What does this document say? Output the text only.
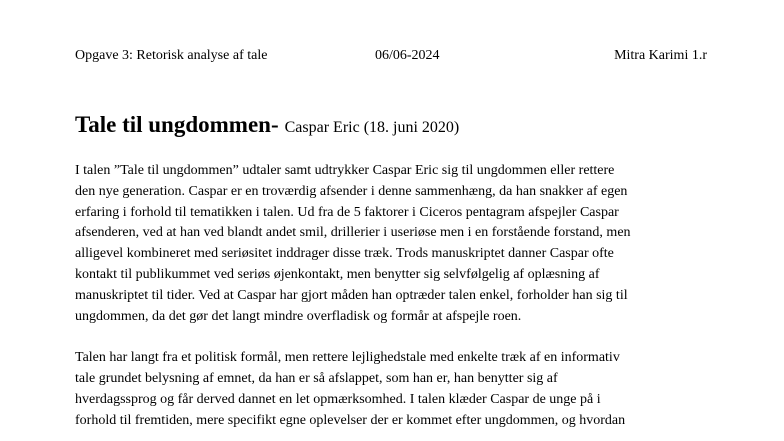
Opgave 3: Retorisk analyse af tale	06/06-2024	Mitra Karimi 1.r
Tale til ungdommen- Caspar Eric (18. juni 2020)
I talen ”Tale til ungdommen” udtaler samt udtrykker Caspar Eric sig til ungdommen eller rettere
den nye generation. Caspar er en troværdig afsender i denne sammenhæng, da han snakker af egen
erfaring i forhold til tematikken i talen. Ud fra de 5 faktorer i Ciceros pentagram afspejler Caspar
afsenderen, ved at han ved blandt andet smil, drillerier i useriøse men i en forstående forstand, men
alligevel kombineret med seriøsitet inddrager disse træk. Trods manuskriptet danner Caspar ofte
kontakt til publikummet ved seriøs øjenkontakt, men benytter sig selvfølgelig af oplæsning af
manuskriptet til tider. Ved at Caspar har gjort måden han optræder talen enkel, forholder han sig til
ungdommen, da det gør det langt mindre overfladisk og formår at afspejle roen.
Talen har langt fra et politisk formål, men rettere lejlighedstale med enkelte træk af en informativ
tale grundet belysning af emnet, da han er så afslappet, som han er, han benytter sig af
hverdagssprog og får derved dannet en let opmærksomhed. I talen klæder Caspar de unge på i
forhold til fremtiden, mere specifikt egne oplevelser der er kommet efter ungdommen, og hvordan
